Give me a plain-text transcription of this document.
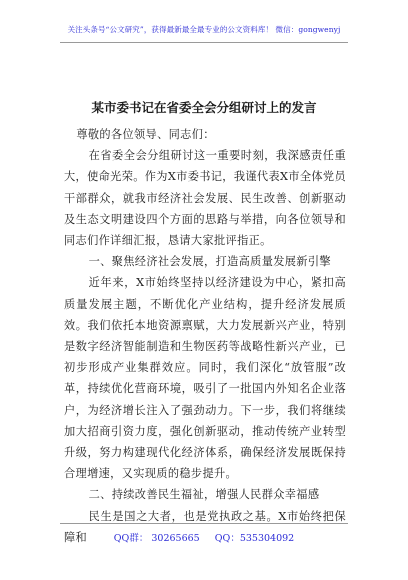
关注头条号“公文研究”，获得最新最全最专业的公文资料库！ 微信：gongwenyj
某市委书记在省委全会分组研讨上的发言

尊敬的各位领导、同志们：

在省委全会分组研讨这一重要时刻，我深感责任重大，使命光荣。作为X市委书记，我谨代表X市全体党员干部群众，就我市经济社会发展、民生改善、创新驱动及生态文明建设四个方面的思路与举措，向各位领导和同志们作详细汇报，恳请大家批评指正。

一、聚焦经济社会发展，打造高质量发展新引擎

近年来，X市始终坚持以经济建设为中心，紧扣高质量发展主题，不断优化产业结构，提升经济发展质效。我们依托本地资源禀赋，大力发展新兴产业，特别是数字经济智能制造和生物医药等战略性新兴产业，已初步形成产业集群效应。同时，我们深化“放管服”改革，持续优化营商环境，吸引了一批国内外知名企业落户，为经济增长注入了强劲动力。下一步，我们将继续加大招商引资力度，强化创新驱动，推动传统产业转型升级，努力构建现代化经济体系，确保经济发展既保持合理增速，又实现质的稳步提升。

二、持续改善民生福祉，增强人民群众幸福感

民生是国之大者，也是党执政之基。X市始终把保障和	QQ群： 30265665 QQ：535304092
